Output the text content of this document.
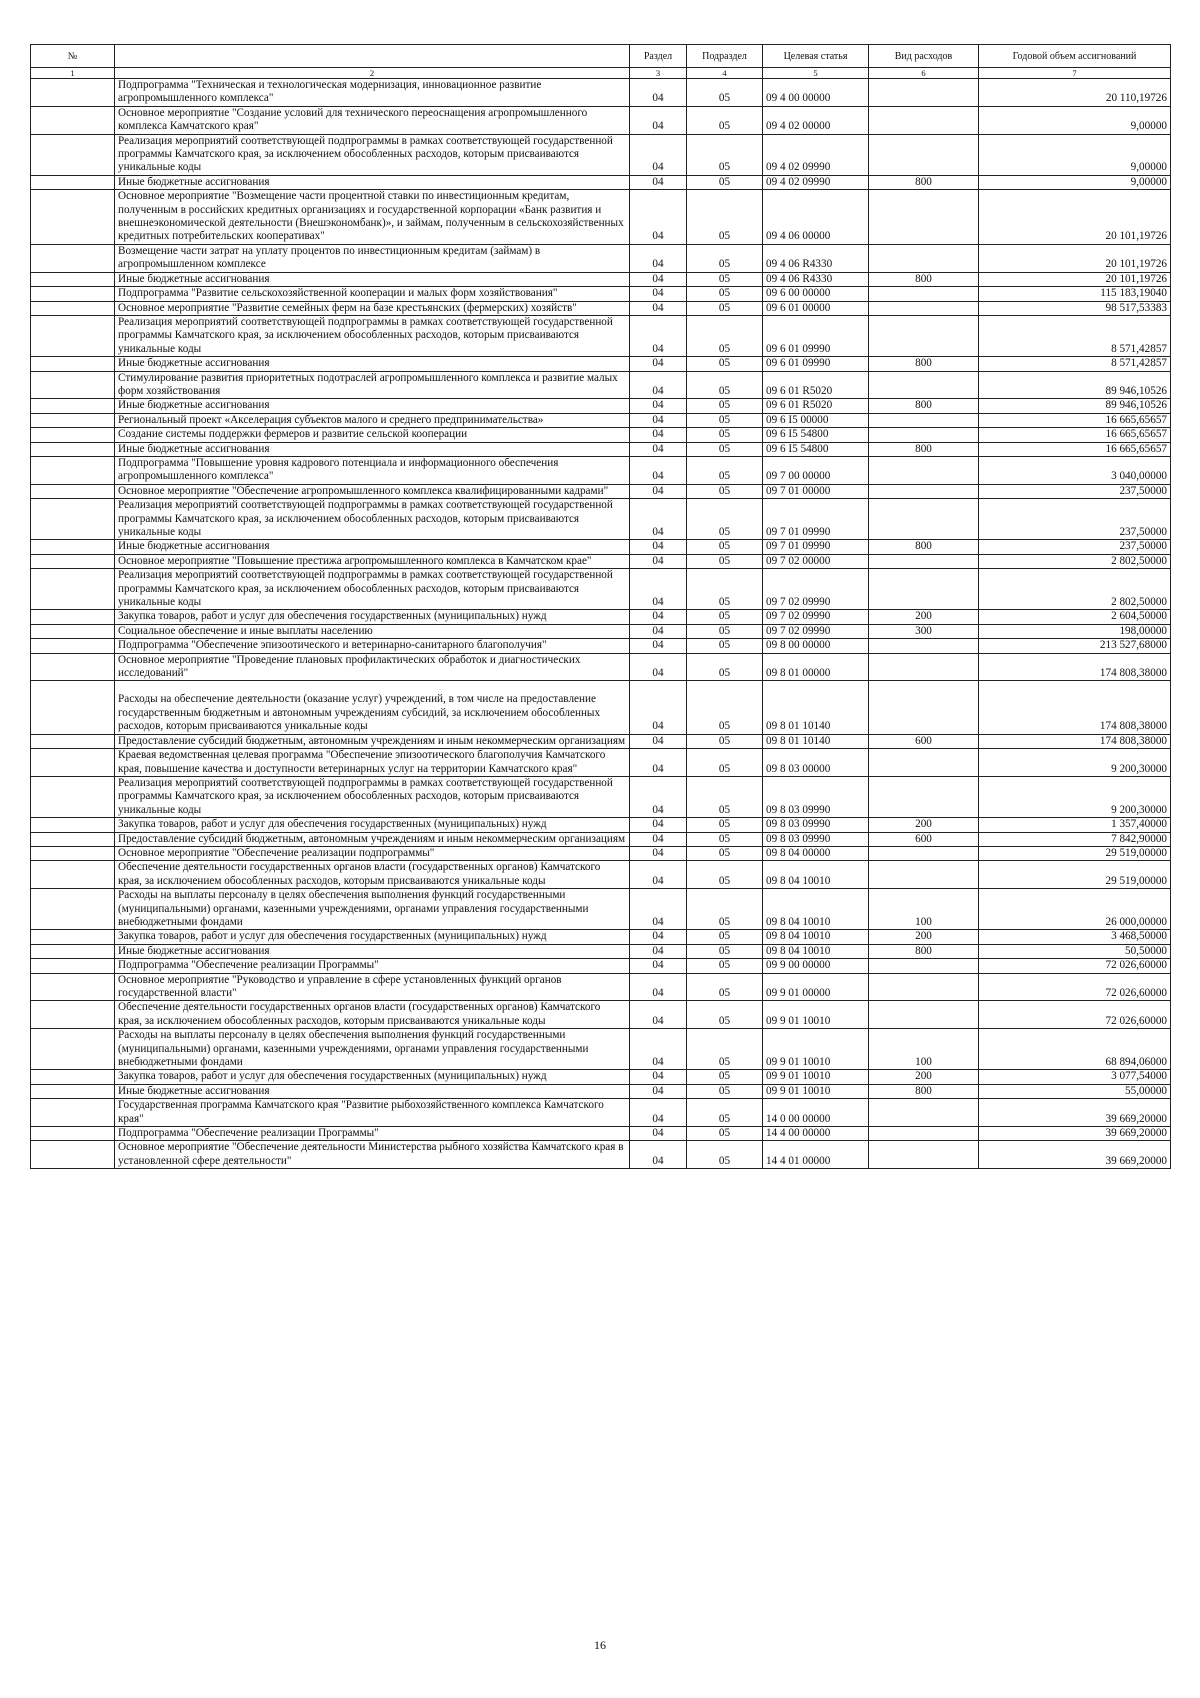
№		Раздел	Подраздел	Целевая статья	Вид расходов	Годовой объем ассигнований
1	2	3	4	5	6	7
	Подпрограмма "Техническая и технологическая модернизация, инновационное развитие агропромышленного комплекса"	04	05	09 4 00 00000		20 110,19726
	Основное мероприятие "Создание условий для технического переоснащения агропромышленного комплекса Камчатского края"	04	05	09 4 02 00000		9,00000
	Реализация мероприятий соответствующей подпрограммы в рамках соответствующей государственной программы Камчатского края, за исключением обособленных расходов, которым присваиваются уникальные коды	04	05	09 4 02 09990		9,00000
	Иные бюджетные ассигнования	04	05	09 4 02 09990	800	9,00000
	Основное мероприятие "Возмещение части процентной ставки по инвестиционным кредитам, полученным в российских кредитных организациях и государственной корпорации «Банк развития и внешнеэкономической деятельности (Внешэкономбанк)», и займам, полученным в сельскохозяйственных кредитных потребительских кооперативах"	04	05	09 4 06 00000		20 101,19726
	Возмещение части затрат на уплату процентов по инвестиционным кредитам (займам) в агропромышленном комплексе	04	05	09 4 06 R4330		20 101,19726
	Иные бюджетные ассигнования	04	05	09 4 06 R4330	800	20 101,19726
	Подпрограмма "Развитие сельскохозяйственной кооперации и малых форм хозяйствования"	04	05	09 6 00 00000		115 183,19040
	Основное мероприятие "Развитие семейных ферм на базе крестьянских (фермерских) хозяйств"	04	05	09 6 01 00000		98 517,53383
	Реализация мероприятий соответствующей подпрограммы в рамках соответствующей государственной программы Камчатского края, за исключением обособленных расходов, которым присваиваются уникальные коды	04	05	09 6 01 09990		8 571,42857
	Иные бюджетные ассигнования	04	05	09 6 01 09990	800	8 571,42857
	Стимулирование развития приоритетных подотраслей агропромышленного комплекса и развитие малых форм хозяйствования	04	05	09 6 01 R5020		89 946,10526
	Иные бюджетные ассигнования	04	05	09 6 01 R5020	800	89 946,10526
	Региональный проект «Акселерация субъектов малого и среднего предпринимательства»	04	05	09 6 I5 00000		16 665,65657
	Создание системы поддержки фермеров и развитие сельской кооперации	04	05	09 6 I5 54800		16 665,65657
	Иные бюджетные ассигнования	04	05	09 6 I5 54800	800	16 665,65657
	Подпрограмма "Повышение уровня кадрового потенциала и информационного обеспечения агропромышленного комплекса"	04	05	09 7 00 00000		3 040,00000
	Основное мероприятие "Обеспечение агропромышленного комплекса квалифицированными кадрами"	04	05	09 7 01 00000		237,50000
	Реализация мероприятий соответствующей подпрограммы в рамках соответствующей государственной программы Камчатского края, за исключением обособленных расходов, которым присваиваются уникальные коды	04	05	09 7 01 09990		237,50000
	Иные бюджетные ассигнования	04	05	09 7 01 09990	800	237,50000
	Основное мероприятие "Повышение престижа агропромышленного комплекса в Камчатском крае"	04	05	09 7 02 00000		2 802,50000
	Реализация мероприятий соответствующей подпрограммы в рамках соответствующей государственной программы Камчатского края, за исключением обособленных расходов, которым присваиваются уникальные коды	04	05	09 7 02 09990		2 802,50000
	Закупка товаров, работ и услуг для обеспечения государственных (муниципальных) нужд	04	05	09 7 02 09990	200	2 604,50000
	Социальное обеспечение и иные выплаты населению	04	05	09 7 02 09990	300	198,00000
	Подпрограмма "Обеспечение эпизоотического и ветеринарно-санитарного благополучия"	04	05	09 8 00 00000		213 527,68000
	Основное мероприятие "Проведение плановых профилактических обработок и диагностических исследований"	04	05	09 8 01 00000		174 808,38000
	Расходы на обеспечение деятельности (оказание услуг) учреждений, в том числе на предоставление государственным бюджетным и автономным учреждениям субсидий, за исключением обособленных расходов, которым присваиваются уникальные коды	04	05	09 8 01 10140		174 808,38000
	Предоставление субсидий бюджетным, автономным учреждениям и иным некоммерческим организациям	04	05	09 8 01 10140	600	174 808,38000
	Краевая ведомственная целевая программа "Обеспечение эпизоотического благополучия Камчатского края, повышение качества и доступности ветеринарных услуг на территории Камчатского края"	04	05	09 8 03 00000		9 200,30000
	Реализация мероприятий соответствующей подпрограммы в рамках соответствующей государственной программы Камчатского края, за исключением обособленных расходов, которым присваиваются уникальные коды	04	05	09 8 03 09990		9 200,30000
	Закупка товаров, работ и услуг для обеспечения государственных (муниципальных) нужд	04	05	09 8 03 09990	200	1 357,40000
	Предоставление субсидий бюджетным, автономным учреждениям и иным некоммерческим организациям	04	05	09 8 03 09990	600	7 842,90000
	Основное мероприятие "Обеспечение реализации подпрограммы"	04	05	09 8 04 00000		29 519,00000
	Обеспечение деятельности государственных органов власти (государственных органов) Камчатского края, за исключением обособленных расходов, которым присваиваются уникальные коды	04	05	09 8 04 10010		29 519,00000
	Расходы на выплаты персоналу в целях обеспечения выполнения функций государственными (муниципальными) органами, казенными учреждениями, органами управления государственными внебюджетными фондами	04	05	09 8 04 10010	100	26 000,00000
	Закупка товаров, работ и услуг для обеспечения государственных (муниципальных) нужд	04	05	09 8 04 10010	200	3 468,50000
	Иные бюджетные ассигнования	04	05	09 8 04 10010	800	50,50000
	Подпрограмма "Обеспечение реализации Программы"	04	05	09 9 00 00000		72 026,60000
	Основное мероприятие "Руководство и управление в сфере установленных функций органов государственной власти"	04	05	09 9 01 00000		72 026,60000
	Обеспечение деятельности государственных органов власти (государственных органов) Камчатского края, за исключением обособленных расходов, которым присваиваются уникальные коды	04	05	09 9 01 10010		72 026,60000
	Расходы на выплаты персоналу в целях обеспечения выполнения функций государственными (муниципальными) органами, казенными учреждениями, органами управления государственными внебюджетными фондами	04	05	09 9 01 10010	100	68 894,06000
	Закупка товаров, работ и услуг для обеспечения государственных (муниципальных) нужд	04	05	09 9 01 10010	200	3 077,54000
	Иные бюджетные ассигнования	04	05	09 9 01 10010	800	55,00000
	Государственная программа Камчатского края "Развитие рыбохозяйственного комплекса Камчатского края"	04	05	14 0 00 00000		39 669,20000
	Подпрограмма "Обеспечение реализации Программы"	04	05	14 4 00 00000		39 669,20000
	Основное мероприятие "Обеспечение деятельности Министерства рыбного хозяйства Камчатского края в установленной сфере деятельности"	04	05	14 4 01 00000		39 669,20000
16
